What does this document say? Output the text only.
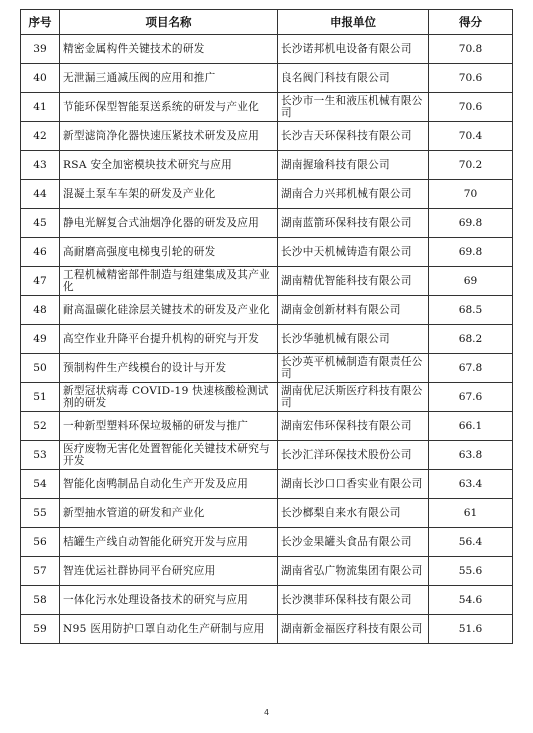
序号	项目名称	申报单位	得分
39	精密金属构件关键技术的研发	长沙诺邦机电设备有限公司	70.8
40	无泄漏三通减压阀的应用和推广	良名阀门科技有限公司	70.6
41	节能环保型智能泵送系统的研发与产业化	长沙市一生和液压机械有限公司	70.6
42	新型滤筒净化器快速压紧技术研发及应用	长沙吉天环保科技有限公司	70.4
43	RSA 安全加密模块技术研究与应用	湖南握瑜科技有限公司	70.2
44	混凝土泵车车架的研发及产业化	湖南合力兴邦机械有限公司	70
45	静电光解复合式油烟净化器的研发及应用	湖南蓝箭环保科技有限公司	69.8
46	高耐磨高强度电梯曳引轮的研发	长沙中天机械铸造有限公司	69.8
47	工程机械精密部件制造与组建集成及其产业化	湖南精优智能科技有限公司	69
48	耐高温碳化硅涂层关键技术的研发及产业化	湖南金创新材料有限公司	68.5
49	高空作业升降平台提升机构的研究与开发	长沙华驰机械有限公司	68.2
50	预制构件生产线模台的设计与开发	长沙英平机械制造有限责任公司	67.8
51	新型冠状病毒 COVID-19 快速核酸检测试剂的研发	湖南优尼沃斯医疗科技有限公司	67.6
52	一种新型塑料环保垃圾桶的研发与推广	湖南宏伟环保科技有限公司	66.1
53	医疗废物无害化处置智能化关键技术研究与开发	长沙汇洋环保技术股份公司	63.8
54	智能化卤鸭制品自动化生产开发及应用	湖南长沙口口香实业有限公司	63.4
55	新型抽水管道的研发和产业化	长沙榔梨自来水有限公司	61
56	桔罐生产线自动智能化研究开发与应用	长沙金果罐头食品有限公司	56.4
57	智连优运社群协同平台研究应用	湖南省弘广物流集团有限公司	55.6
58	一体化污水处理设备技术的研究与应用	长沙澳菲环保科技有限公司	54.6
59	N95 医用防护口罩自动化生产研制与应用	湖南新金福医疗科技有限公司	51.6
4
